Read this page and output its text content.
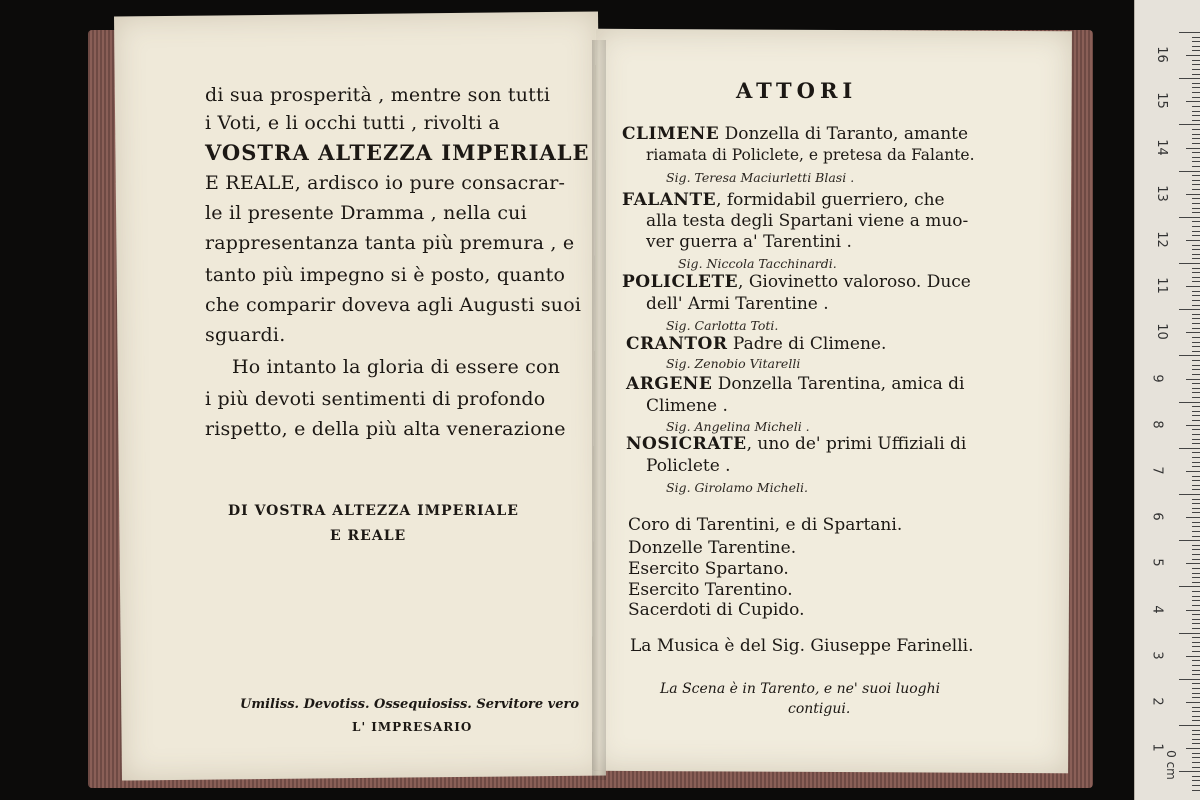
di sua prosperità , mentre son tutti
i Voti, e li occhi tutti , rivolti a
VOSTRA ALTEZZA IMPERIALE
E REALE, ardisco io pure consacrar-
le il presente Dramma , nella cui
rappresentanza tanta più premura , e
tanto più impegno si è posto, quanto
che comparir doveva agli Augusti suoi
sguardi.
Ho intanto la gloria di essere con
i più devoti sentimenti di profondo
rispetto, e della più alta venerazione
DI VOSTRA ALTEZZA IMPERIALE
E REALE
Umiliss. Devotiss. Ossequiosiss. Servitore vero
L' IMPRESARIO
ATTORI
CLIMENE Donzella di Taranto, amante
riamata di Policlete, e pretesa da Falante.
Sig. Teresa Maciurletti Blasi .
FALANTE, formidabil guerriero, che
alla testa degli Spartani viene a muo-
ver guerra a' Tarentini .
Sig. Niccola Tacchinardi.
POLICLETE, Giovinetto valoroso. Duce
dell' Armi Tarentine .
Sig. Carlotta Toti.
CRANTOR Padre di Climene.
Sig. Zenobio Vitarelli
ARGENE Donzella Tarentina, amica di
Climene .
Sig. Angelina Micheli .
NOSICRATE, uno de' primi Uffiziali di
Policlete .
Sig. Girolamo Micheli.
Coro di Tarentini, e di Spartani.
Donzelle Tarentine.
Esercito Spartano.
Esercito Tarentino.
Sacerdoti di Cupido.
La Musica è del Sig. Giuseppe Farinelli.
La Scena è in Tarento, e ne' suoi luoghi
contigui.
16
15
14
13
12
11
10
9
8
7
6
5
4
3
2
1
0 cm
